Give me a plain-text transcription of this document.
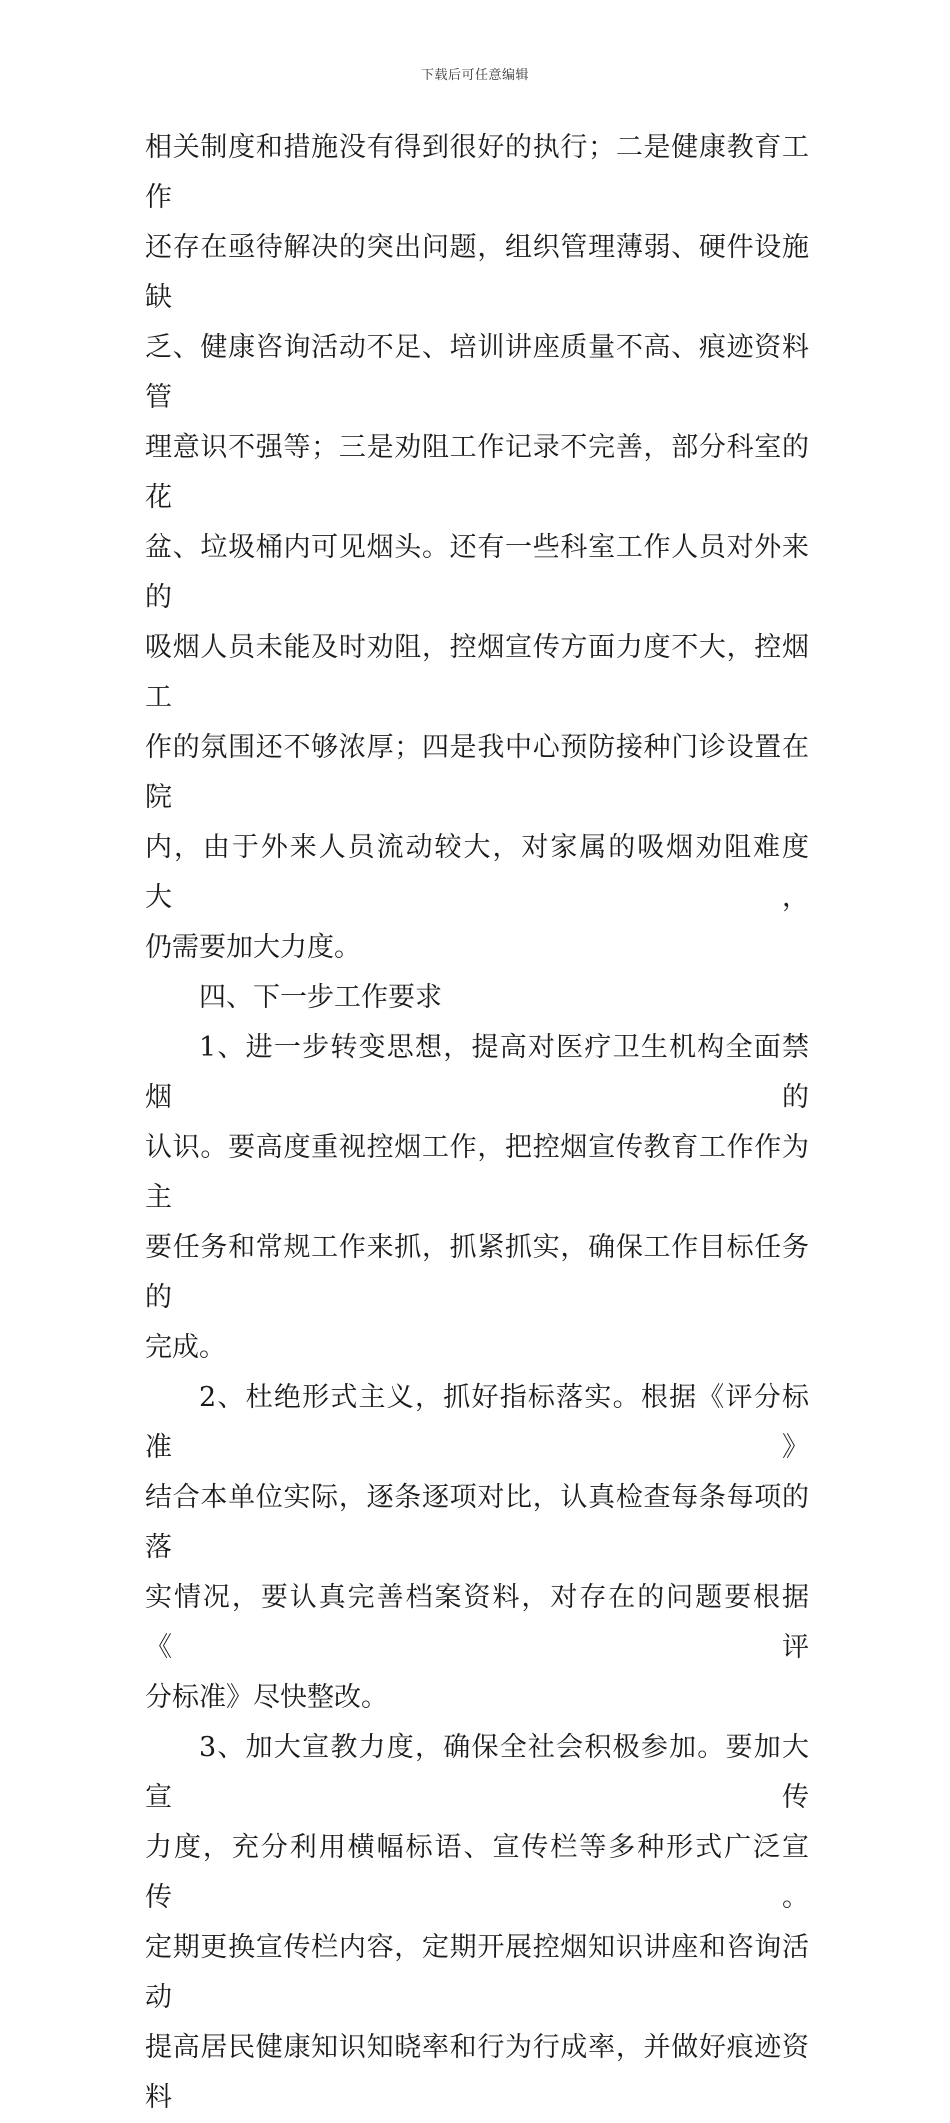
下载后可任意编辑
相关制度和措施没有得到很好的执行；二是健康教育工作
还存在亟待解决的突出问题，组织管理薄弱、硬件设施缺
乏、健康咨询活动不足、培训讲座质量不高、痕迹资料管
理意识不强等；三是劝阻工作记录不完善，部分科室的花
盆、垃圾桶内可见烟头。还有一些科室工作人员对外来的
吸烟人员未能及时劝阻，控烟宣传方面力度不大，控烟工
作的氛围还不够浓厚；四是我中心预防接种门诊设置在院
内，由于外来人员流动较大，对家属的吸烟劝阻难度大，
仍需要加大力度。
四、下一步工作要求
1、进一步转变思想，提高对医疗卫生机构全面禁烟的
认识。要高度重视控烟工作，把控烟宣传教育工作作为主
要任务和常规工作来抓，抓紧抓实，确保工作目标任务的
完成。
2、杜绝形式主义，抓好指标落实。根据《评分标准》
结合本单位实际，逐条逐项对比，认真检查每条每项的落
实情况，要认真完善档案资料，对存在的问题要根据《评
分标准》尽快整改。
3、加大宣教力度，确保全社会积极参加。要加大宣传
力度，充分利用横幅标语、宣传栏等多种形式广泛宣传。
定期更换宣传栏内容，定期开展控烟知识讲座和咨询活动
提高居民健康知识知晓率和行为行成率，并做好痕迹资料
